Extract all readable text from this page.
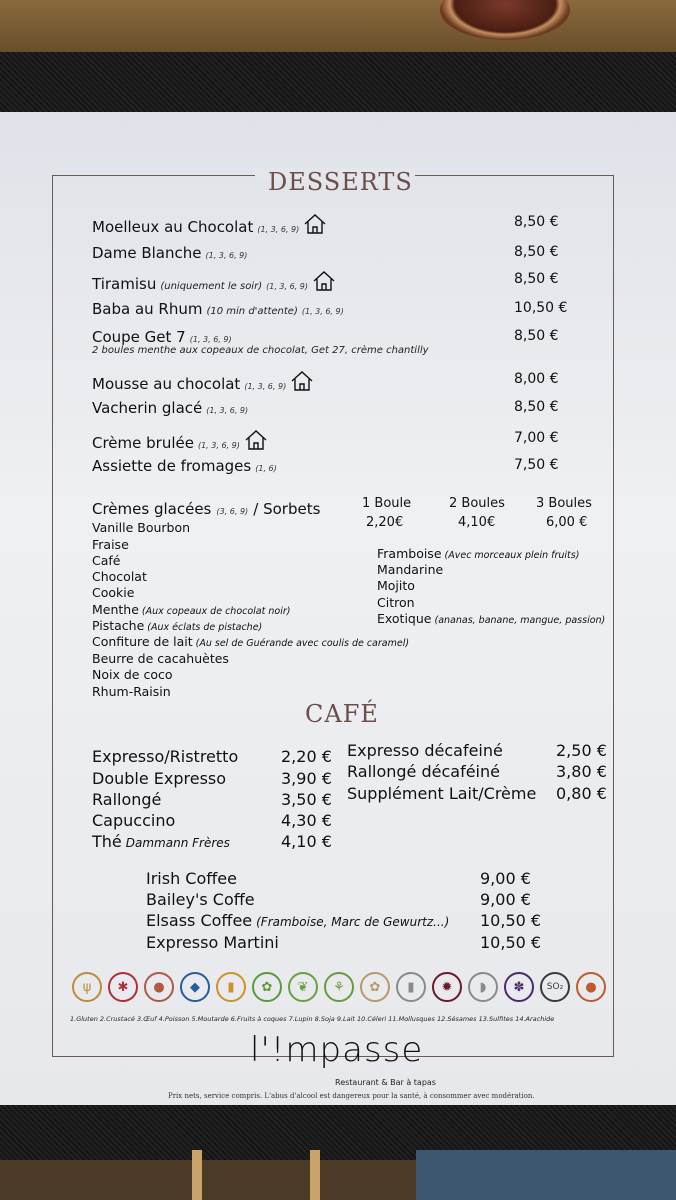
DESSERTS
Moelleux au Chocolat (1, 3, 6, 9)	8,50 €
Dame Blanche (1, 3, 6, 9)	8,50 €
Tiramisu (uniquement le soir) (1, 3, 6, 9)	8,50 €
Baba au Rhum (10 min d'attente) (1, 3, 6, 9)	10,50 €
Coupe Get 7 (1, 3, 6, 9)	8,50 €
Mousse au chocolat (1, 3, 6, 9)	8,00 €
Vacherin glacé (1, 3, 6, 9)	8,50 €
Crème brulée (1, 3, 6, 9)	7,00 €
Assiette de fromages (1, 6)	7,50 €
2 boules menthe aux copeaux de chocolat, Get 27, crème chantilly
Crèmes glacées (3, 6, 9) / Sorbets	1 Boule	2 Boules 3 Boules
2,20€	4,10€	6,00 €
Vanille Bourbon
Fraise
Café
Chocolat
Cookie
Menthe (Aux copeaux de chocolat noir)
Pistache (Aux éclats de pistache)
Confiture de lait (Au sel de Guérande avec coulis de caramel)
Beurre de cacahuètes
Noix de coco
Rhum-Raisin
Framboise (Avec morceaux plein fruits)
Mandarine
Mojito
Citron
Exotique (ananas, banane, mangue, passion)
CAFÉ
Expresso/Ristretto	2,20 €
Double Expresso	3,90 €
Rallongé	3,50 €
Capuccino	4,30 €
Thé Dammann Frères	4,10 €
Expresso décafeiné	2,50 €
Rallongé décaféiné	3,80 €
Supplément Lait/Crème 0,80 €
Irish Coffee	9,00 €
Bailey's Coffe	9,00 €
Elsass Coffee (Framboise, Marc de Gewurtz...) 10,50 €
Expresso Martini	10,50 €
ψ	✱	●	◆	▮	✿	❦	⚘	✿	▮	✹	◗	✽	SO₂	●
1.Gluten 2.Crustacé 3.Œuf 4.Poisson 5.Moutarde 6.Fruits à coques 7.Lupin 8.Soja 9.Lait 10.Céleri 11.Mollusques 12.Sésames 13.Sulfites 14.Arachide
l'!mpasse
Restaurant & Bar à tapas
Prix nets, service compris. L'abus d'alcool est dangereux pour la santé, à consommer avec modération.
